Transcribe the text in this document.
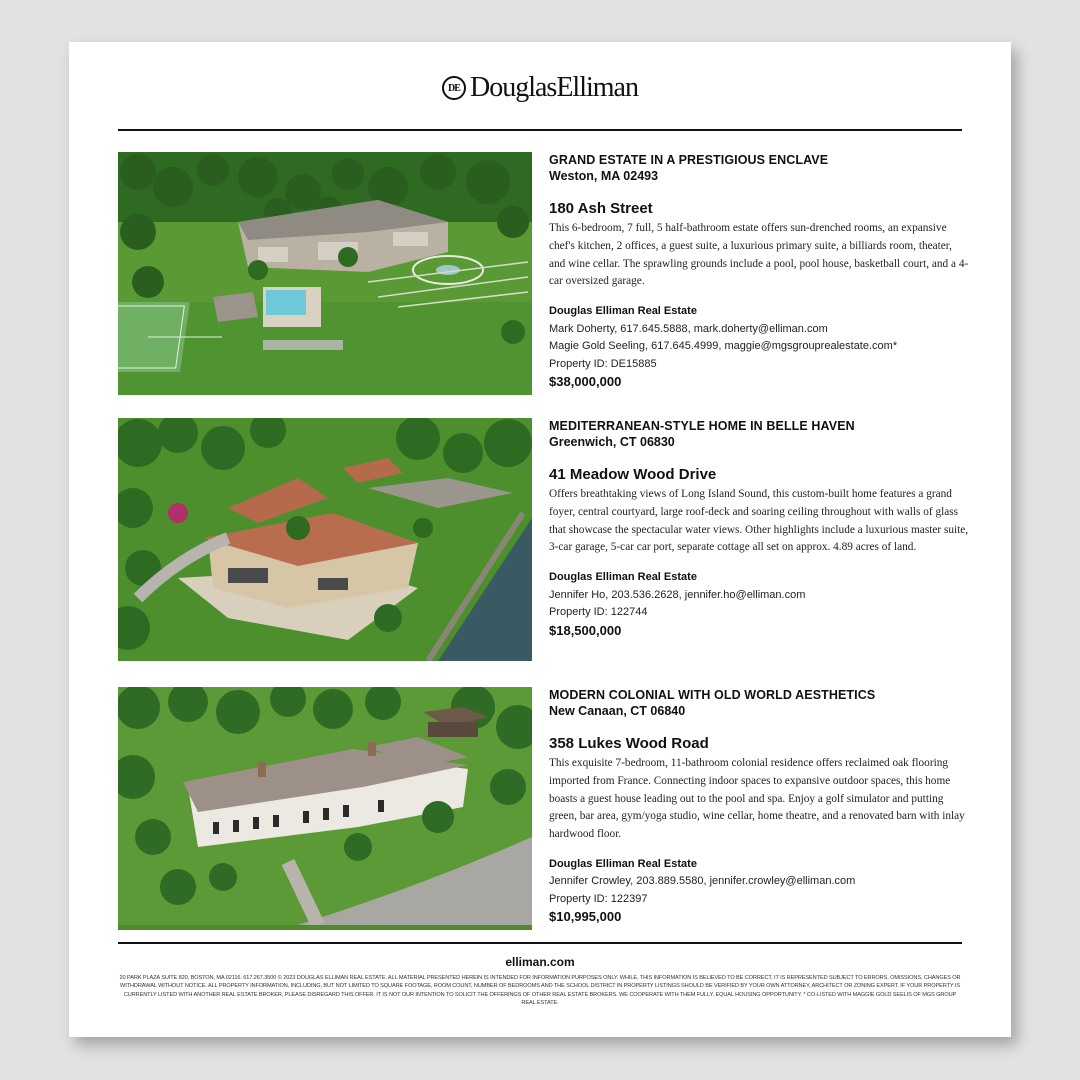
DE DouglasElliman
GRAND ESTATE IN A PRESTIGIOUS ENCLAVE
Weston, MA 02493
180 Ash Street
This 6-bedroom, 7 full, 5 half-bathroom estate offers sun-drenched rooms, an expansive chef's kitchen, 2 offices, a guest suite, a luxurious primary suite, a billiards room, theater, and wine cellar. The sprawling grounds include a pool, pool house, basketball court, and a 4-car oversized garage.
Douglas Elliman Real Estate
Mark Doherty, 617.645.5888, mark.doherty@elliman.com
Magie Gold Seeling, 617.645.4999, maggie@mgsgrouprealestate.com*
Property ID: DE15885
$38,000,000
MEDITERRANEAN-STYLE HOME IN BELLE HAVEN
Greenwich, CT 06830
41 Meadow Wood Drive
Offers breathtaking views of Long Island Sound, this custom-built home features a grand foyer, central courtyard, large roof-deck and soaring ceiling throughout with walls of glass that showcase the spectacular water views. Other highlights include a luxurious master suite, 3-car garage, 5-car car port, separate cottage all set on approx. 4.89 acres of land.
Douglas Elliman Real Estate
Jennifer Ho, 203.536.2628, jennifer.ho@elliman.com
Property ID: 122744
$18,500,000
MODERN COLONIAL WITH OLD WORLD AESTHETICS
New Canaan, CT 06840
358 Lukes Wood Road
This exquisite 7-bedroom, 11-bathroom colonial residence offers reclaimed oak flooring imported from France. Connecting indoor spaces to expansive outdoor spaces, this home boasts a guest house leading out to the pool and spa. Enjoy a golf simulator and putting green, bar area, gym/yoga studio, wine cellar, home theatre, and a renovated barn with inlay hardwood floor.
Douglas Elliman Real Estate
Jennifer Crowley, 203.889.5580, jennifer.crowley@elliman.com
Property ID: 122397
$10,995,000
elliman.com
20 PARK PLAZA SUITE 820, BOSTON, MA 02116. 617.267.3500 © 2023 DOUGLAS ELLIMAN REAL ESTATE. ALL MATERIAL PRESENTED HEREIN IS INTENDED FOR INFORMATION PURPOSES ONLY. WHILE, THIS INFORMATION IS BELIEVED TO BE CORRECT, IT IS REPRESENTED SUBJECT TO ERRORS, OMISSIONS, CHANGES OR WITHDRAWAL WITHOUT NOTICE. ALL PROPERTY INFORMATION, INCLUDING, BUT NOT LIMITED TO SQUARE FOOTAGE, ROOM COUNT, NUMBER OF BEDROOMS AND THE SCHOOL DISTRICT IN PROPERTY LISTINGS SHOULD BE VERIFIED BY YOUR OWN ATTORNEY, ARCHITECT OR ZONING EXPERT. IF YOUR PROPERTY IS CURRENTLY LISTED WITH ANOTHER REAL ESTATE BROKER, PLEASE DISREGARD THIS OFFER. IT IS NOT OUR INTENTION TO SOLICIT THE OFFERINGS OF OTHER REAL ESTATE BROKERS. WE COOPERATE WITH THEM FULLY. EQUAL HOUSING OPPORTUNITY. * CO-LISTED WITH MAGGIE GOLD SEELIS OF MGS GROUP REAL ESTATE.
